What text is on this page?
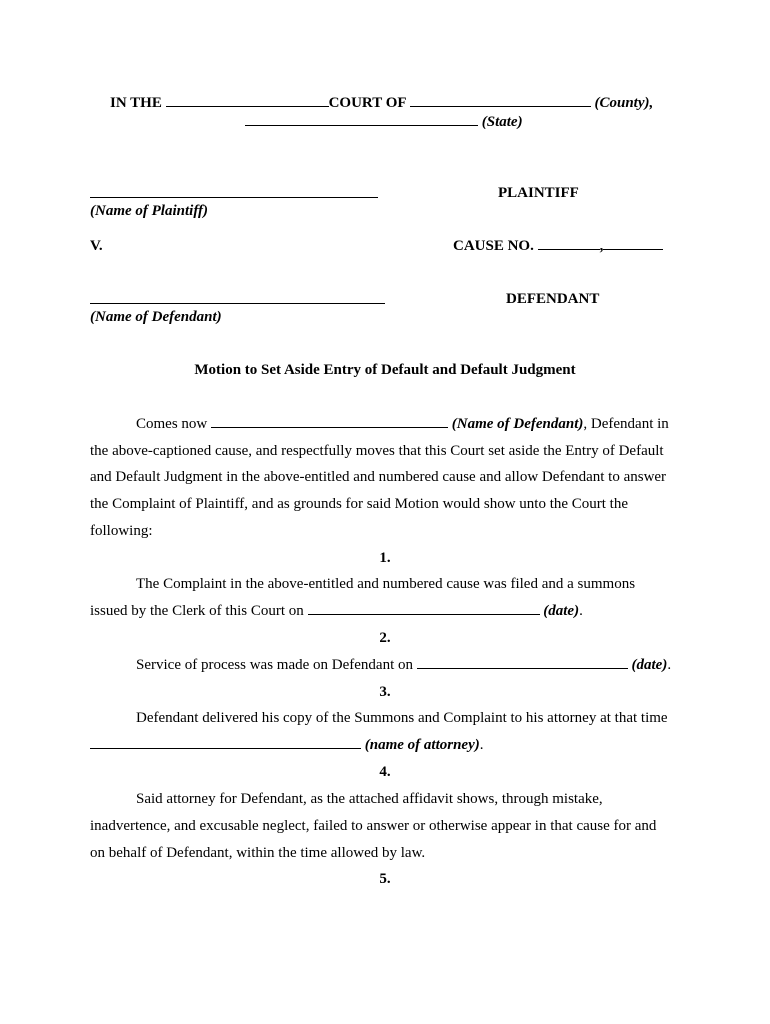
IN THE	COURT OF	(County),
(State)
(Name of Plaintiff)
PLAINTIFF
V.	CAUSE NO.	,
(Name of Defendant)
DEFENDANT
Motion to Set Aside Entry of Default and Default Judgment
Comes now	(Name of Defendant), Defendant in
the above-captioned cause, and respectfully moves that this Court set aside the Entry of Default
and Default Judgment in the above-entitled and numbered cause and allow Defendant to answer
the Complaint of Plaintiff, and as grounds for said Motion would show unto the Court the
following:
1.
The Complaint in the above-entitled and numbered cause was filed and a summons
issued by the Clerk of this Court on	(date).
2.
Service of process was made on Defendant on	(date).
3.
Defendant delivered his copy of the Summons and Complaint to his attorney at that time
(name of attorney).
4.
Said attorney for Defendant, as the attached affidavit shows, through mistake,
inadvertence, and excusable neglect, failed to answer or otherwise appear in that cause for and
on behalf of Defendant, within the time allowed by law.
5.
